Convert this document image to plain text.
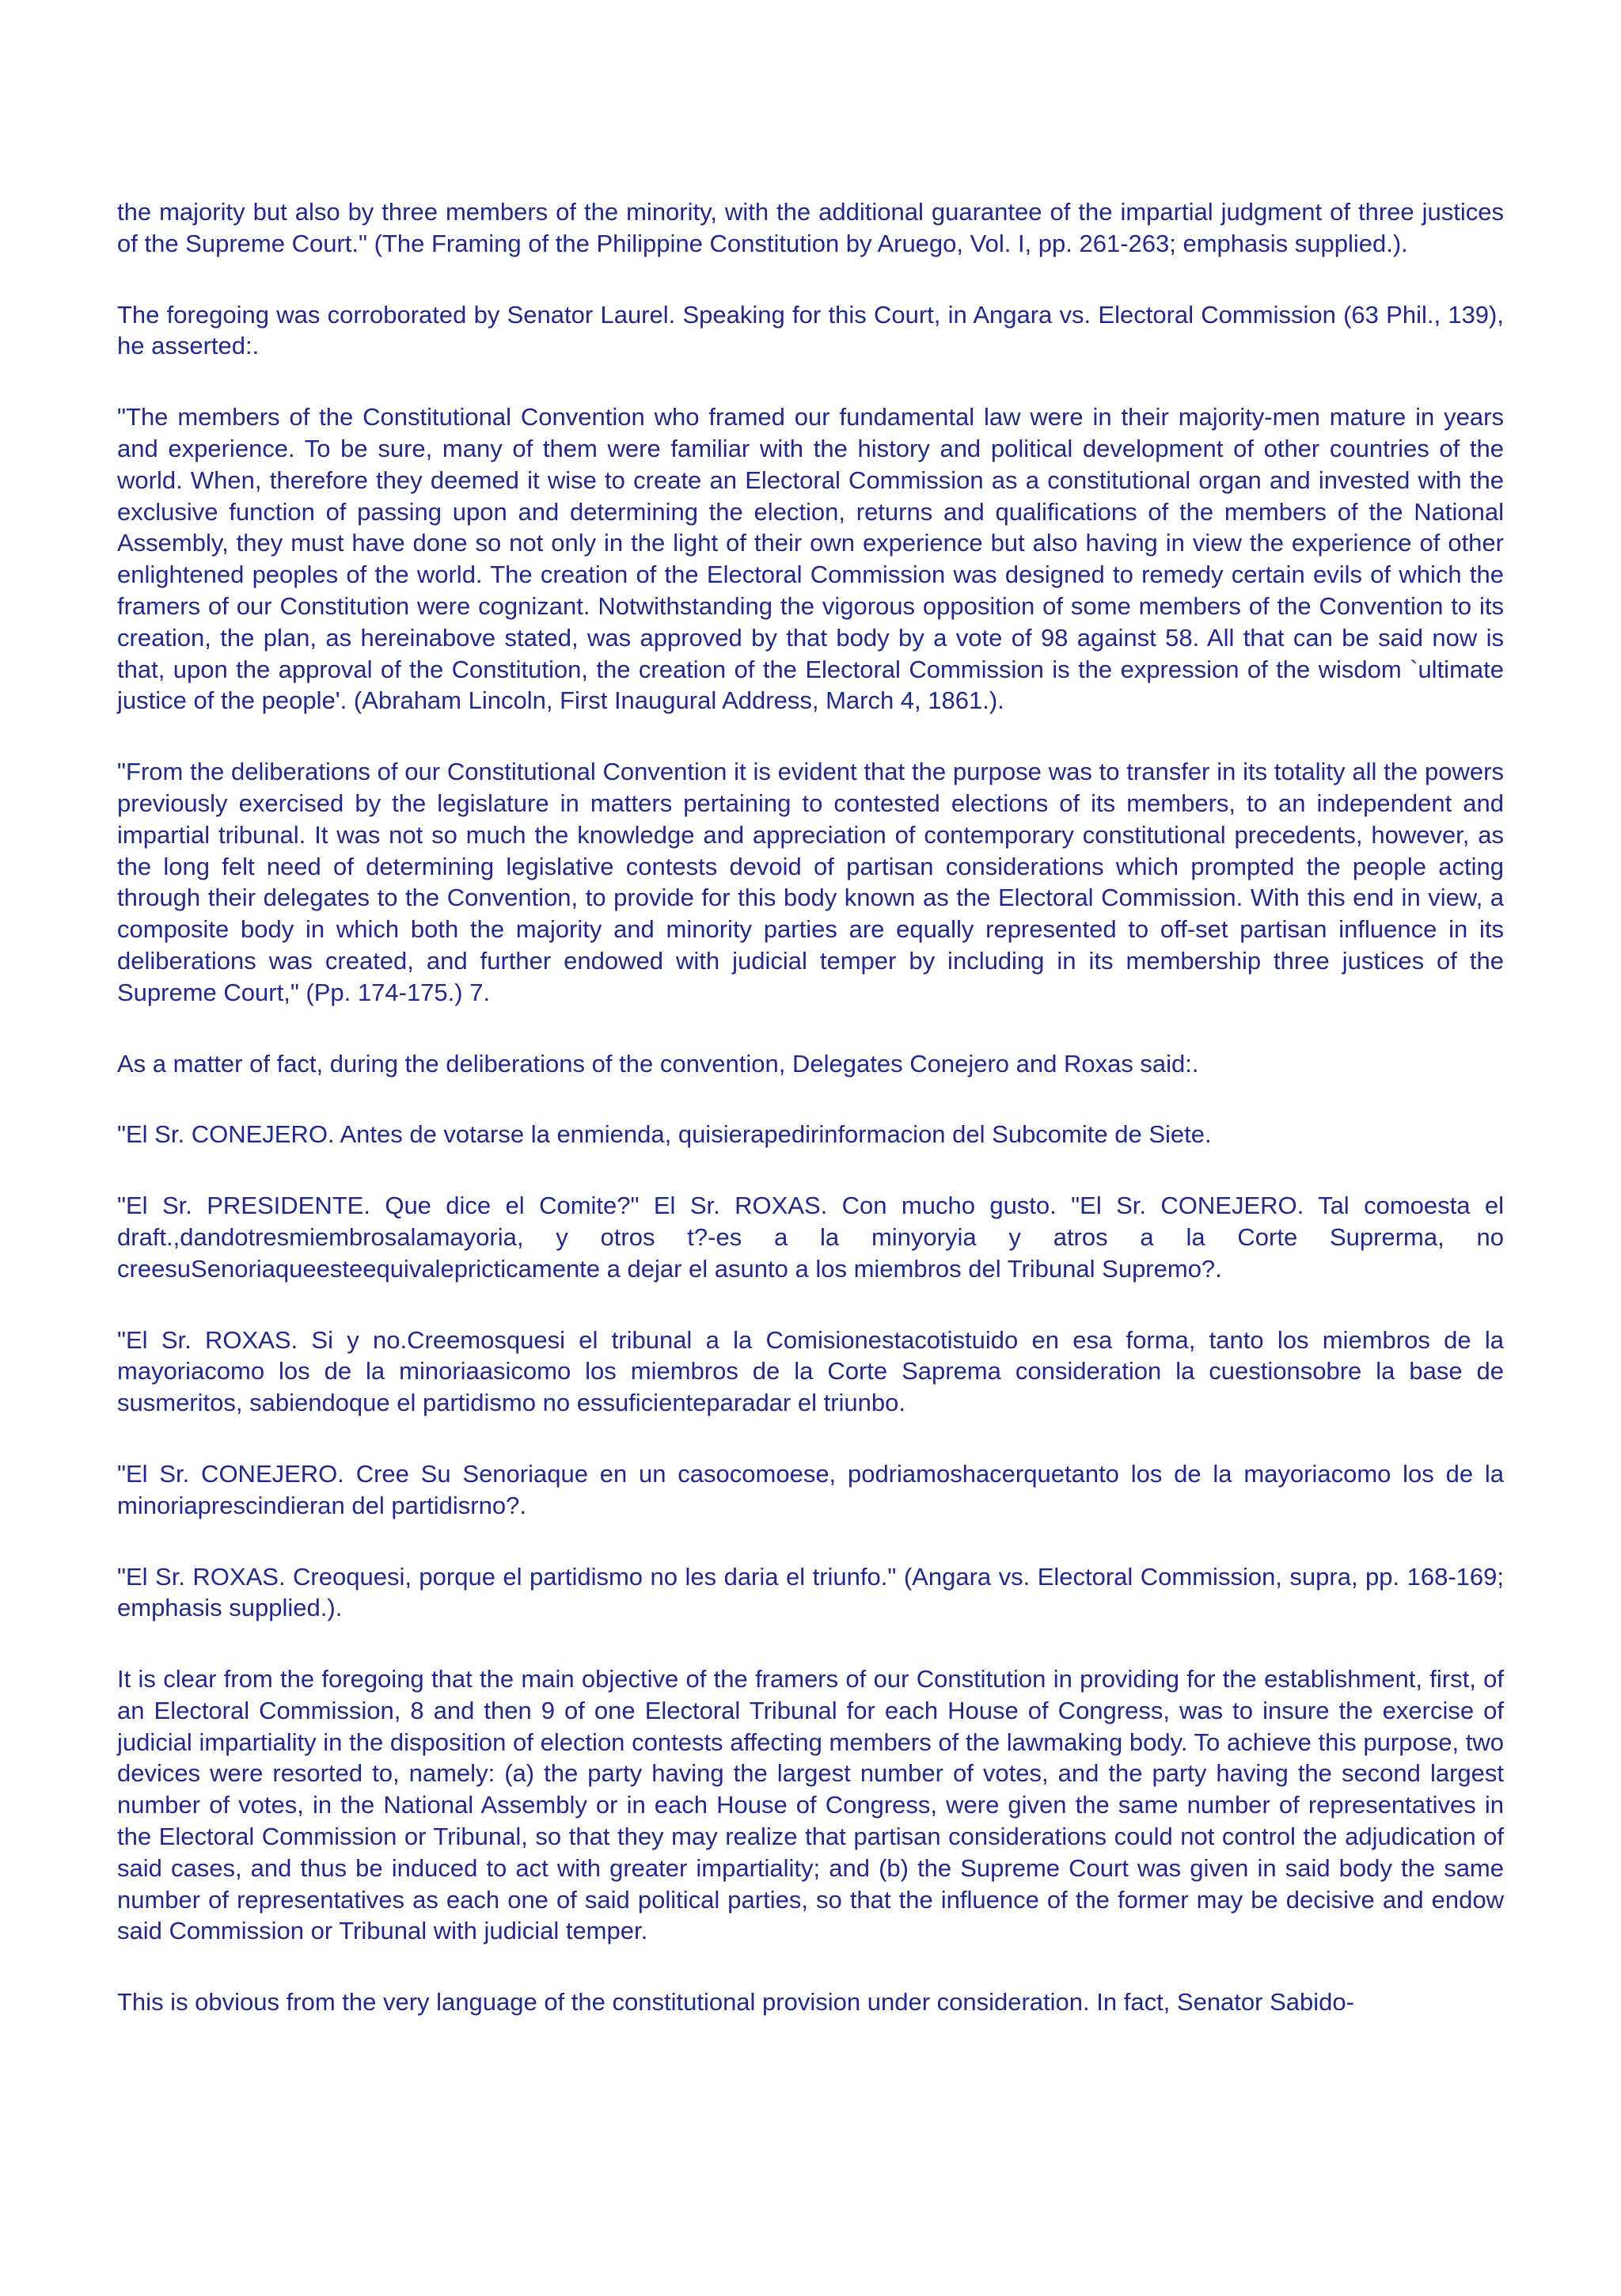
the majority but also by three members of the minority, with the additional guarantee of the impartial judgment of three justices of the Supreme Court." (The Framing of the Philippine Constitution by Aruego, Vol. I, pp. 261-263; emphasis supplied.).

The foregoing was corroborated by Senator Laurel. Speaking for this Court, in Angara vs. Electoral Commission (63 Phil., 139), he asserted:.

"The members of the Constitutional Convention who framed our fundamental law were in their majority-men mature in years and experience. To be sure, many of them were familiar with the history and political development of other countries of the world. When, therefore they deemed it wise to create an Electoral Commission as a constitutional organ and invested with the exclusive function of passing upon and determining the election, returns and qualifications of the members of the National Assembly, they must have done so not only in the light of their own experience but also having in view the experience of other enlightened peoples of the world. The creation of the Electoral Commission was designed to remedy certain evils of which the framers of our Constitution were cognizant. Notwithstanding the vigorous opposition of some members of the Convention to its creation, the plan, as hereinabove stated, was approved by that body by a vote of 98 against 58. All that can be said now is that, upon the approval of the Constitution, the creation of the Electoral Commission is the expression of the wisdom `ultimate justice of the people'. (Abraham Lincoln, First Inaugural Address, March 4, 1861.).

"From the deliberations of our Constitutional Convention it is evident that the purpose was to transfer in its totality all the powers previously exercised by the legislature in matters pertaining to contested elections of its members, to an independent and impartial tribunal. It was not so much the knowledge and appreciation of contemporary constitutional precedents, however, as the long felt need of determining legislative contests devoid of partisan considerations which prompted the people acting through their delegates to the Convention, to provide for this body known as the Electoral Commission. With this end in view, a composite body in which both the majority and minority parties are equally represented to off-set partisan influence in its deliberations was created, and further endowed with judicial temper by including in its membership three justices of the Supreme Court," (Pp. 174-175.) 7.

As a matter of fact, during the deliberations of the convention, Delegates Conejero and Roxas said:.

"El Sr. CONEJERO. Antes de votarse la enmienda, quisierapedirinformacion del Subcomite de Siete.

"El Sr. PRESIDENTE. Que dice el Comite?" El Sr. ROXAS. Con mucho gusto. "El Sr. CONEJERO. Tal comoesta el draft.,dandotresmiembrosalamayoria, y otros t?-es a la minyoryia y atros a la Corte Suprerma, no creesuSenoriaqueesteequivalepricticamente a dejar el asunto a los miembros del Tribunal Supremo?.

"El Sr. ROXAS. Si y no.Creemosquesi el tribunal a la Comisionestacotistuido en esa forma, tanto los miembros de la mayoriacomo los de la minoriaasicomo los miembros de la Corte Saprema consideration la cuestionsobre la base de susmeritos, sabiendoque el partidismo no essuficienteparadar el triunbo.

"El Sr. CONEJERO. Cree Su Senoriaque en un casocomoese, podriamoshacerquetanto los de la mayoriacomo los de la minoriaprescindieran del partidisrno?.

"El Sr. ROXAS. Creoquesi, porque el partidismo no les daria el triunfo." (Angara vs. Electoral Commission, supra, pp. 168-169; emphasis supplied.).

It is clear from the foregoing that the main objective of the framers of our Constitution in providing for the establishment, first, of an Electoral Commission, 8 and then 9 of one Electoral Tribunal for each House of Congress, was to insure the exercise of judicial impartiality in the disposition of election contests affecting members of the lawmaking body. To achieve this purpose, two devices were resorted to, namely: (a) the party having the largest number of votes, and the party having the second largest number of votes, in the National Assembly or in each House of Congress, were given the same number of representatives in the Electoral Commission or Tribunal, so that they may realize that partisan considerations could not control the adjudication of said cases, and thus be induced to act with greater impartiality; and (b) the Supreme Court was given in said body the same number of representatives as each one of said political parties, so that the influence of the former may be decisive and endow said Commission or Tribunal with judicial temper.

This is obvious from the very language of the constitutional provision under consideration. In fact, Senator Sabido-
